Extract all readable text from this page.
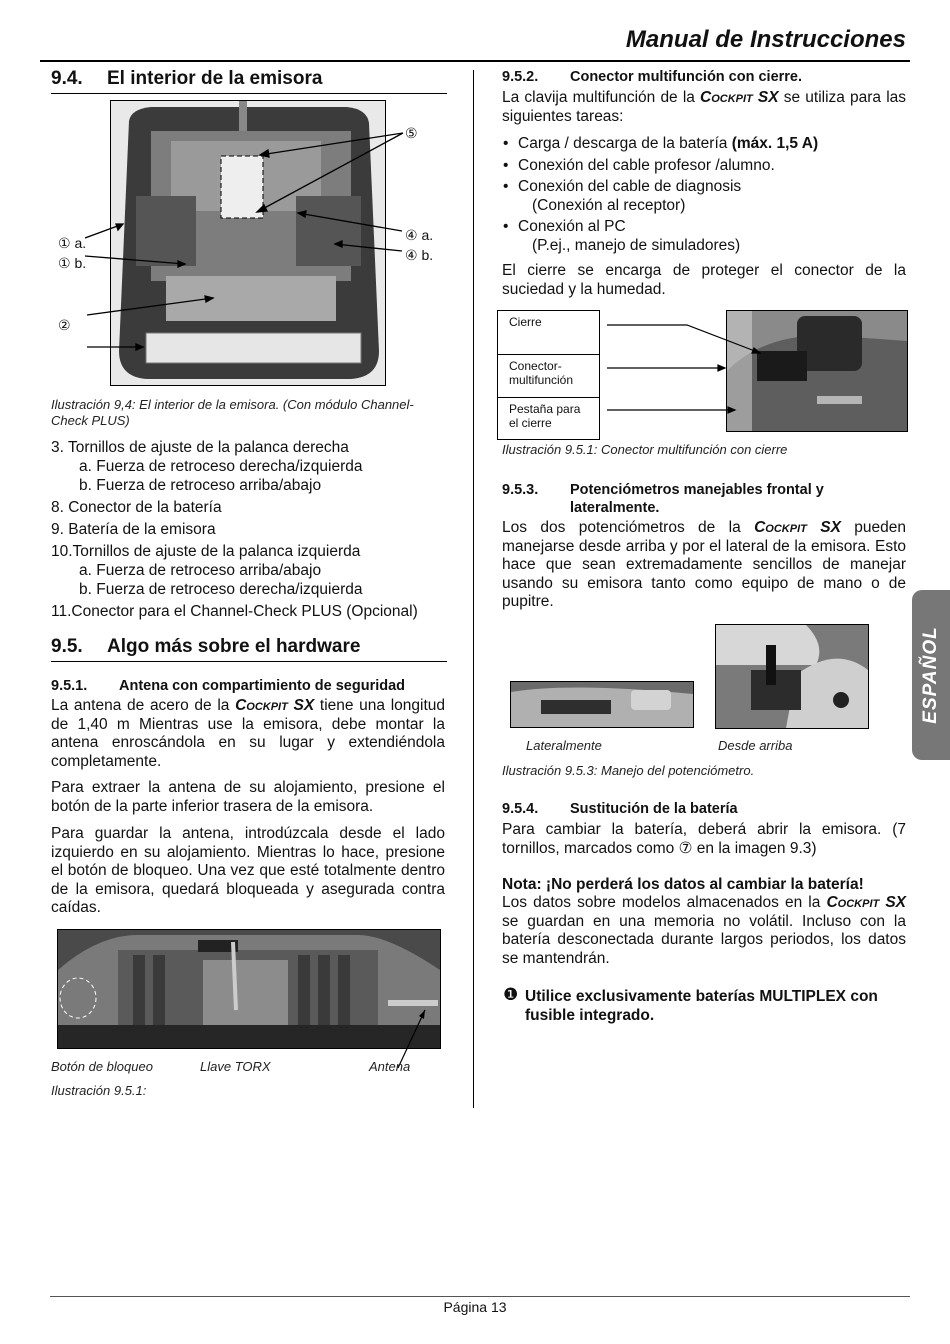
Manual de Instrucciones
9.4. El interior de la emisora
⑤
④ a.
④ b.
① a.
① b.
②
Ilustración 9,4: El interior de la emisora. (Con módulo Channel-Check PLUS)
3. Tornillos de ajuste de la palanca derecha
a. Fuerza de retroceso derecha/izquierda
b. Fuerza de retroceso arriba/abajo
8. Conector de la batería
9. Batería de la emisora
10.Tornillos de ajuste de la palanca izquierda
a. Fuerza de retroceso arriba/abajo
b. Fuerza de retroceso derecha/izquierda
11.Conector para el Channel-Check PLUS (Opcional)
9.5. Algo más sobre el hardware
9.5.1. Antena con compartimiento de seguridad
La antena de acero de la Cockpit SX tiene una longitud de 1,40 m Mientras use la emisora, debe montar la antena enroscándola en su lugar y extendiéndola completamente.
Para extraer la antena de su alojamiento, presione el botón de la parte inferior trasera de la emisora.
Para guardar la antena, introdúzcala desde el lado izquierdo en su alojamiento. Mientras lo hace, presione el botón de bloqueo. Una vez que esté totalmente dentro de la emisora, quedará bloqueada y asegurada contra caídas.
Botón de bloqueo	Llave TORX	Antena
Ilustración 9.5.1:
9.5.2. Conector multifunción con cierre.
La clavija multifunción de la Cockpit SX se utiliza para las siguientes tareas:
• Carga / descarga de la batería (máx. 1,5 A)
• Conexión del cable profesor /alumno.
• Conexión del cable de diagnosis
(Conexión al receptor)
• Conexión al PC
(P.ej., manejo de simuladores)
El cierre se encarga de proteger el conector de la suciedad y la humedad.
Cierre
Conector-
multifunción
Pestaña para
el cierre
Ilustración 9.5.1: Conector multifunción con cierre
9.5.3.	Potenciómetros manejables frontal y lateralmente.
Los dos potenciómetros de la Cockpit SX pueden manejarse desde arriba y por el lateral de la emisora. Esto hace que sean extremadamente sencillos de manejar usando su emisora tanto como equipo de mano o de pupitre.
Lateralmente	Desde arriba
Ilustración 9.5.3: Manejo del potenciómetro.
9.5.4. Sustitución de la batería
Para cambiar la batería, deberá abrir la emisora. (7 tornillos, marcados como ⑦ en la imagen 9.3)
Nota: ¡No perderá los datos al cambiar la batería!
Los datos sobre modelos almacenados en la Cockpit SX se guardan en una memoria no volátil. Incluso con la batería desconectada durante largos periodos, los datos se mantendrán.
❶ Utilice exclusivamente baterías MULTIPLEX con fusible integrado.
ESPAÑOL
Página 13
